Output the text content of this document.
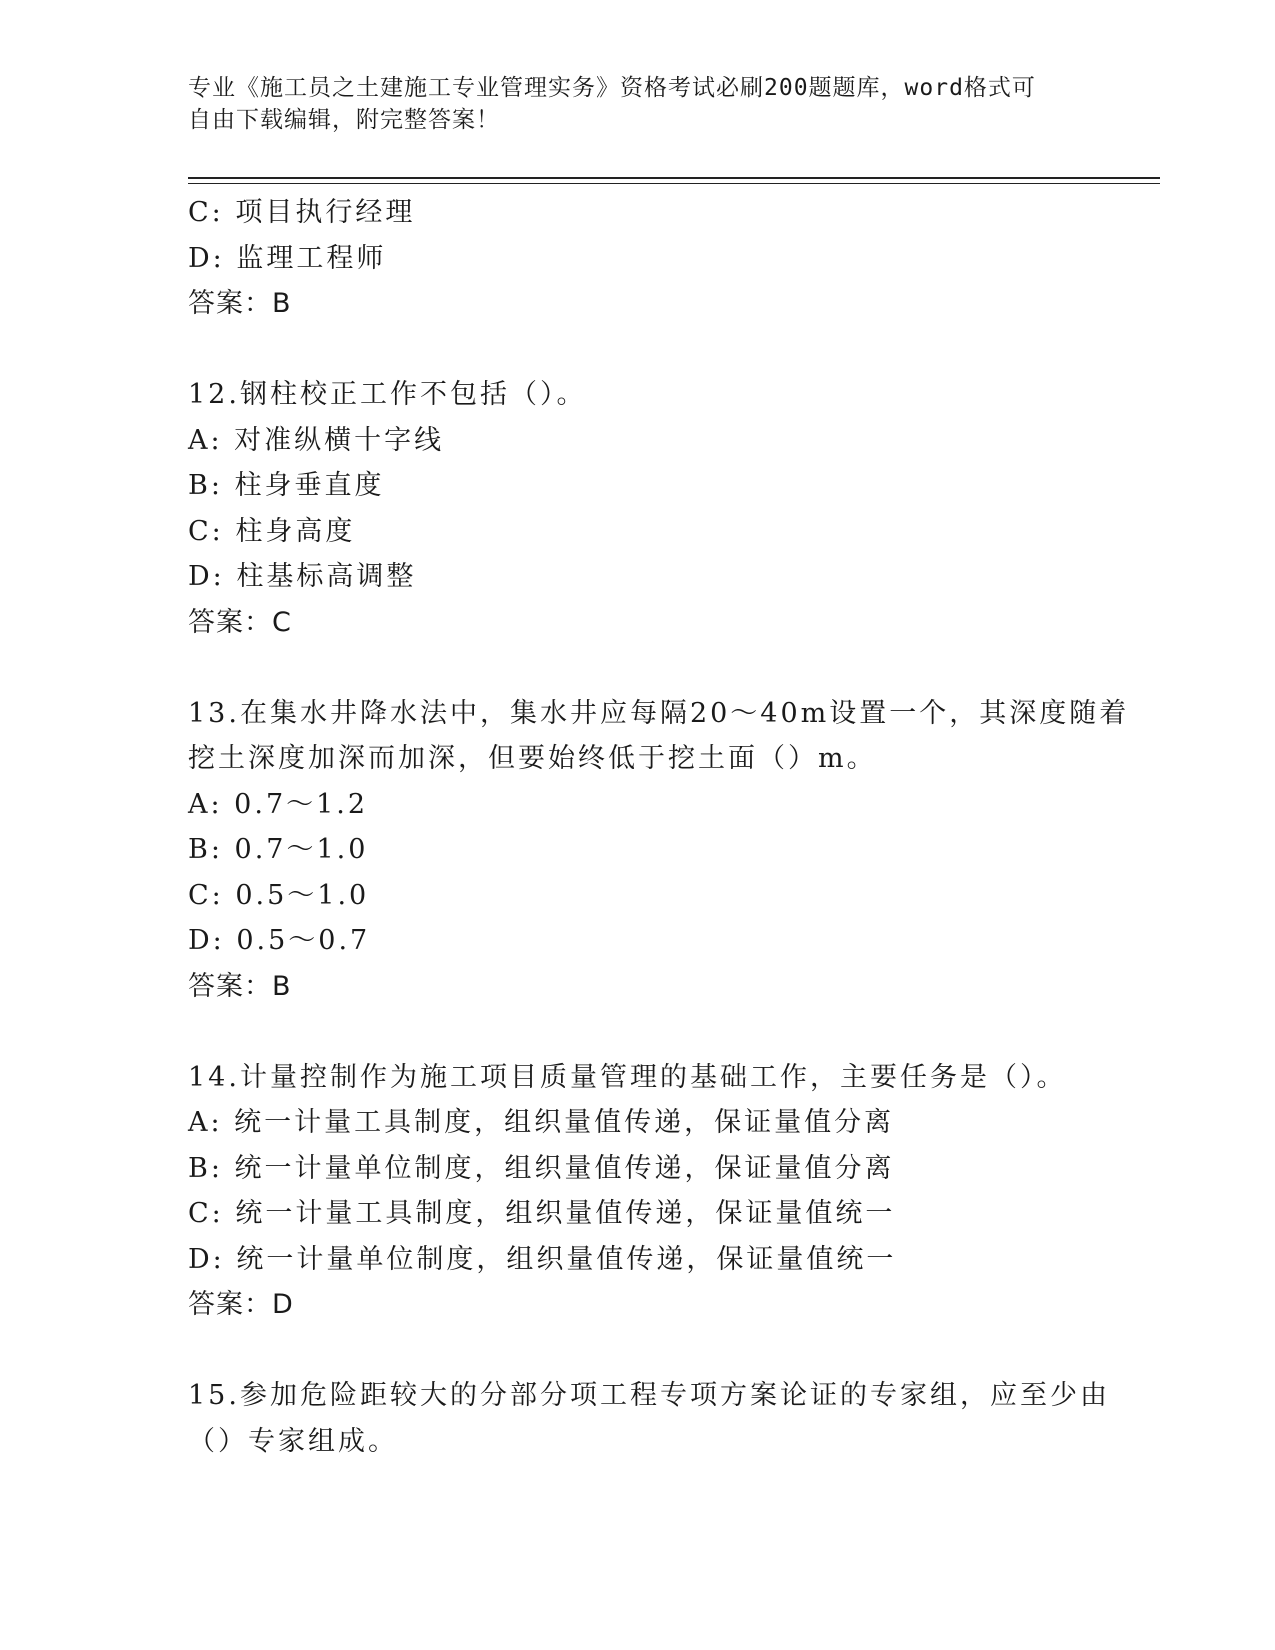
专业《施工员之土建施工专业管理实务》资格考试必刷200题题库，word格式可
自由下载编辑，附完整答案！
C: 项目执行经理
D: 监理工程师
答案：B
12.钢柱校正工作不包括（）。
A: 对准纵横十字线
B: 柱身垂直度
C: 柱身高度
D: 柱基标高调整
答案：C
13.在集水井降水法中，集水井应每隔20～40m设置一个，其深度随着
挖土深度加深而加深，但要始终低于挖土面（）m。
A: 0.7～1.2
B: 0.7～1.0
C: 0.5～1.0
D: 0.5～0.7
答案：B
14.计量控制作为施工项目质量管理的基础工作，主要任务是（）。
A: 统一计量工具制度，组织量值传递，保证量值分离
B: 统一计量单位制度，组织量值传递，保证量值分离
C: 统一计量工具制度，组织量值传递，保证量值统一
D: 统一计量单位制度，组织量值传递，保证量值统一
答案：D
15.参加危险距较大的分部分项工程专项方案论证的专家组，应至少由
（）专家组成。
